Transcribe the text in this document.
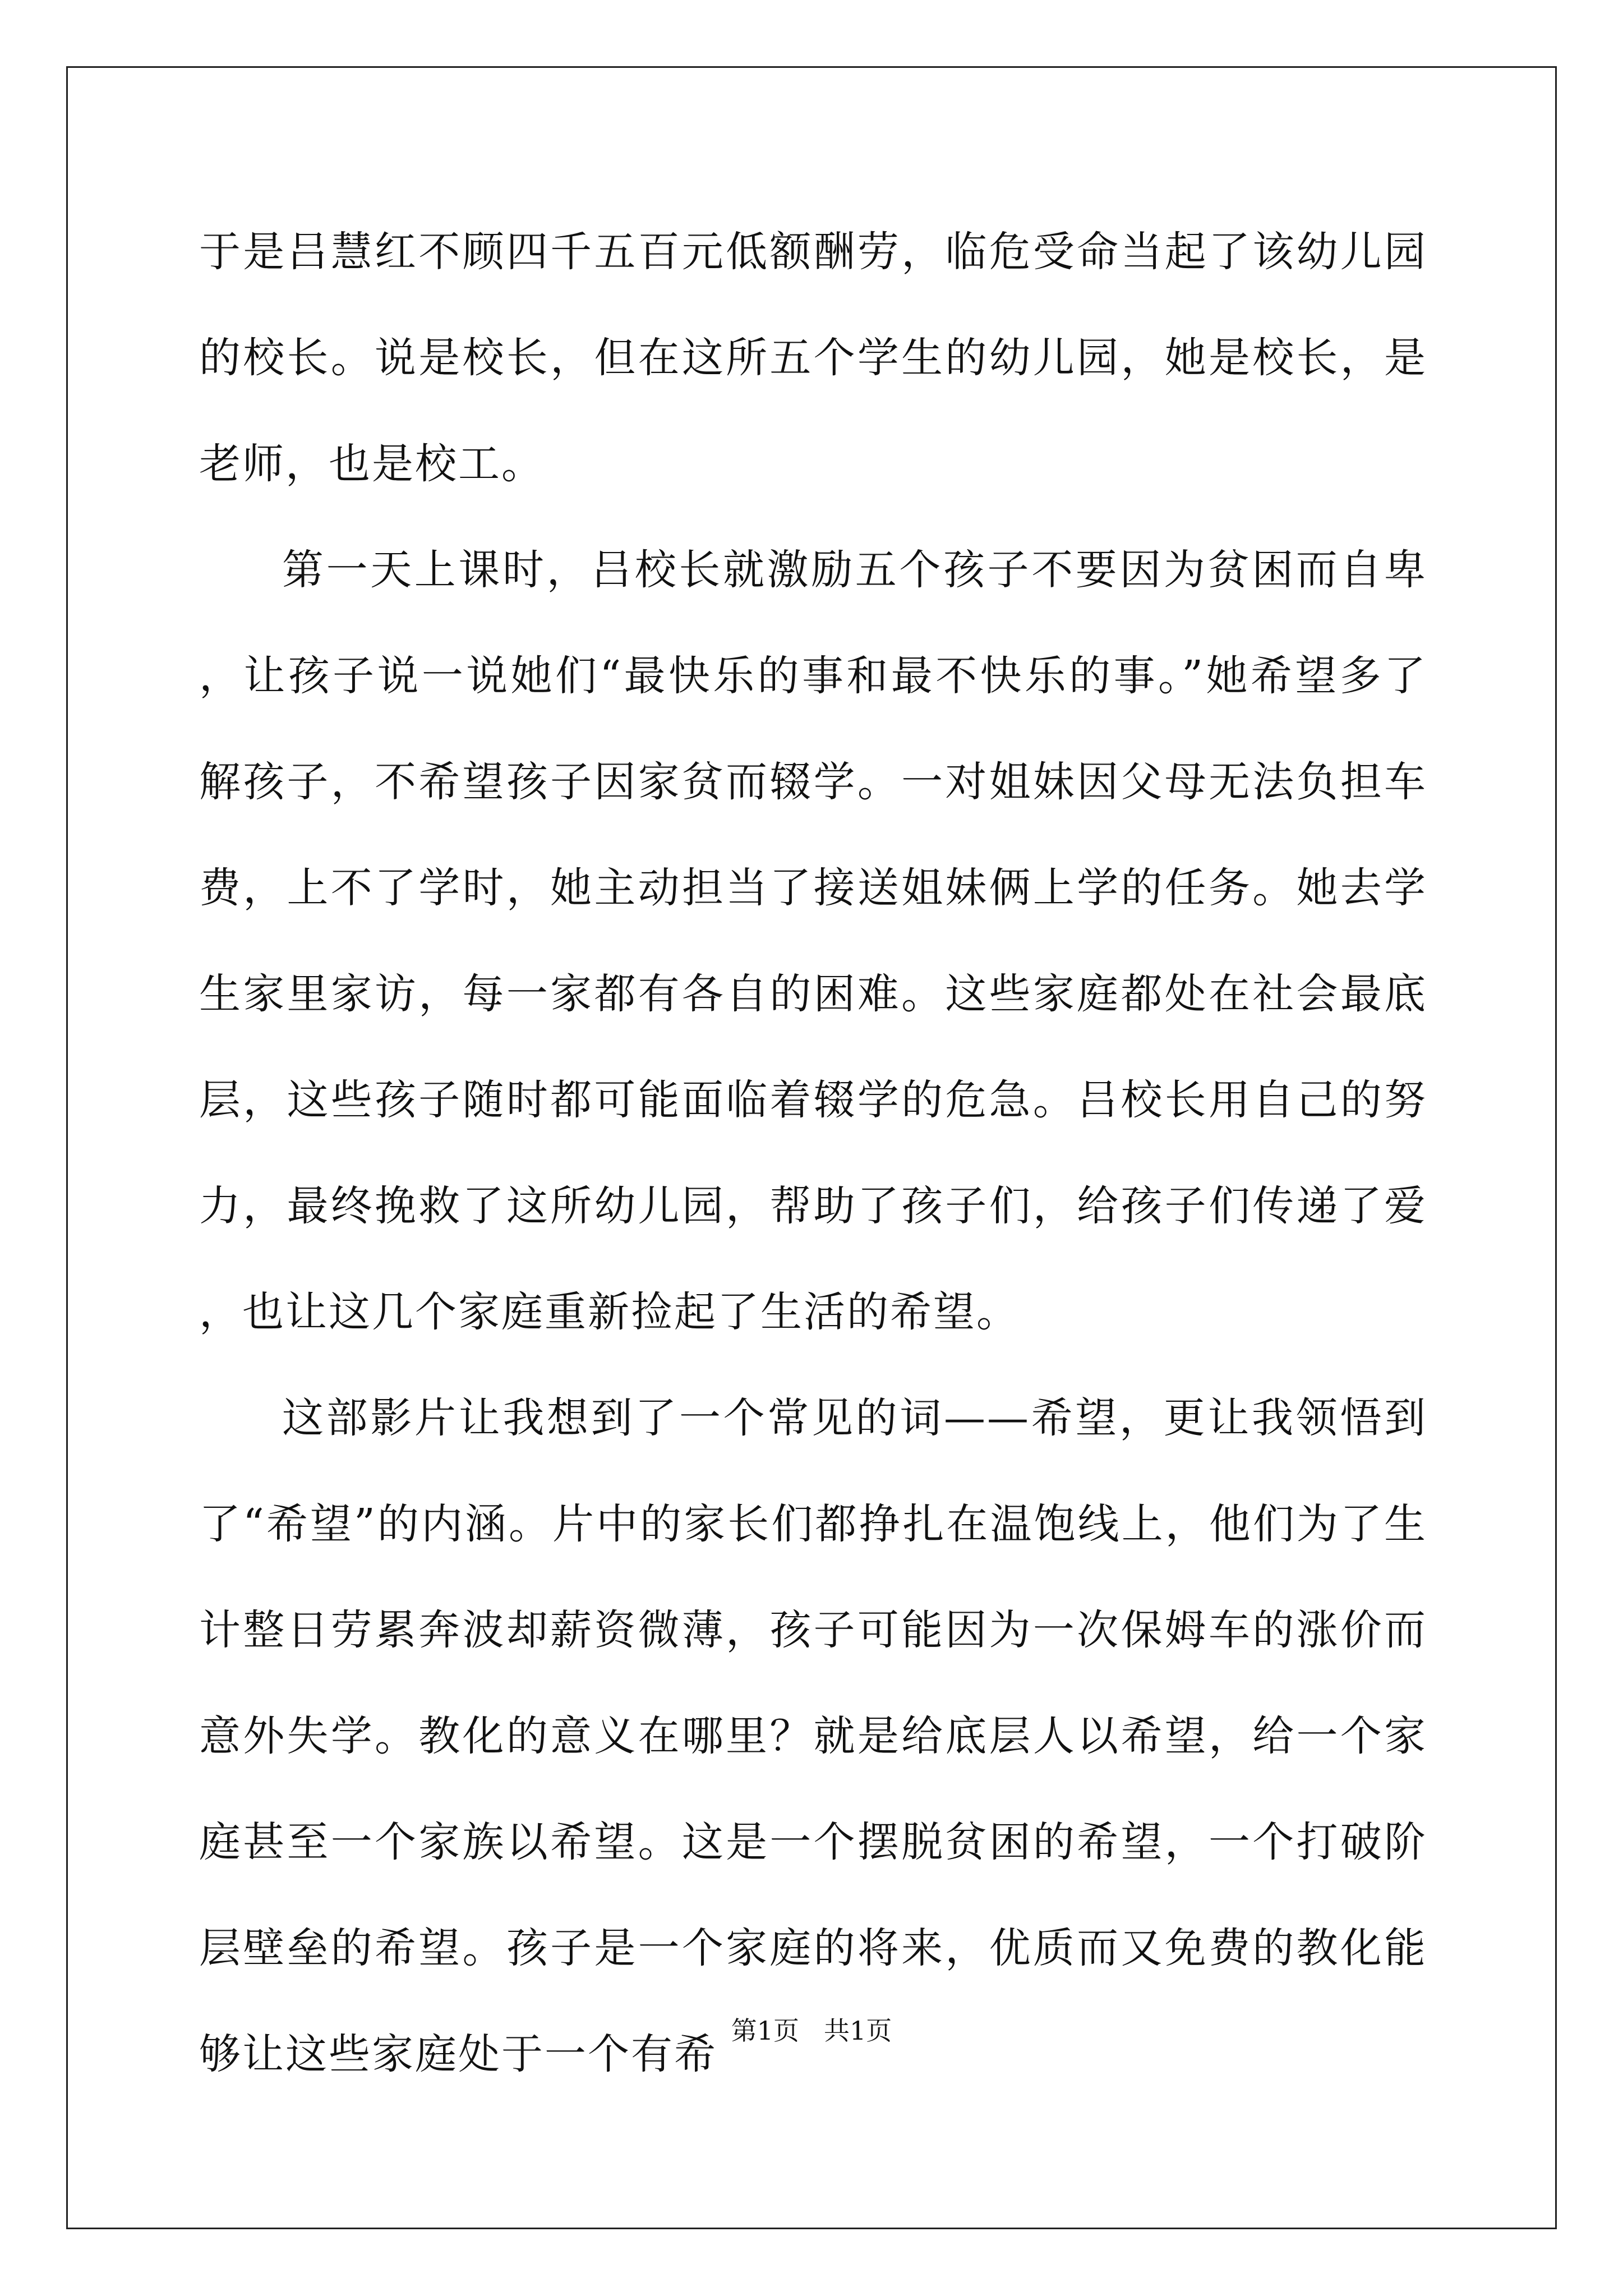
于是吕慧红不顾四千五百元低额酬劳，临危受命当起了该幼儿园的校长。说是校长，但在这所五个学生的幼儿园，她是校长，是老师，也是校工。

第一天上课时，吕校长就激励五个孩子不要因为贫困而自卑，让孩子说一说她们“最快乐的事和最不快乐的事。”她希望多了解孩子，不希望孩子因家贫而辍学。一对姐妹因父母无法负担车费，上不了学时，她主动担当了接送姐妹俩上学的任务。她去学生家里家访，每一家都有各自的困难。这些家庭都处在社会最底层，这些孩子随时都可能面临着辍学的危急。吕校长用自己的努力，最终挽救了这所幼儿园，帮助了孩子们，给孩子们传递了爱，也让这几个家庭重新捡起了生活的希望。

这部影片让我想到了一个常见的词——希望，更让我领悟到了“希望”的内涵。片中的家长们都挣扎在温饱线上，他们为了生计整日劳累奔波却薪资微薄，孩子可能因为一次保姆车的涨价而意外失学。教化的意义在哪里？就是给底层人以希望，给一个家庭甚至一个家族以希望。这是一个摆脱贫困的希望，一个打破阶层壁垒的希望。孩子是一个家庭的将来，优质而又免费的教化能够让这些家庭处于一个有希 第1页 共1页
